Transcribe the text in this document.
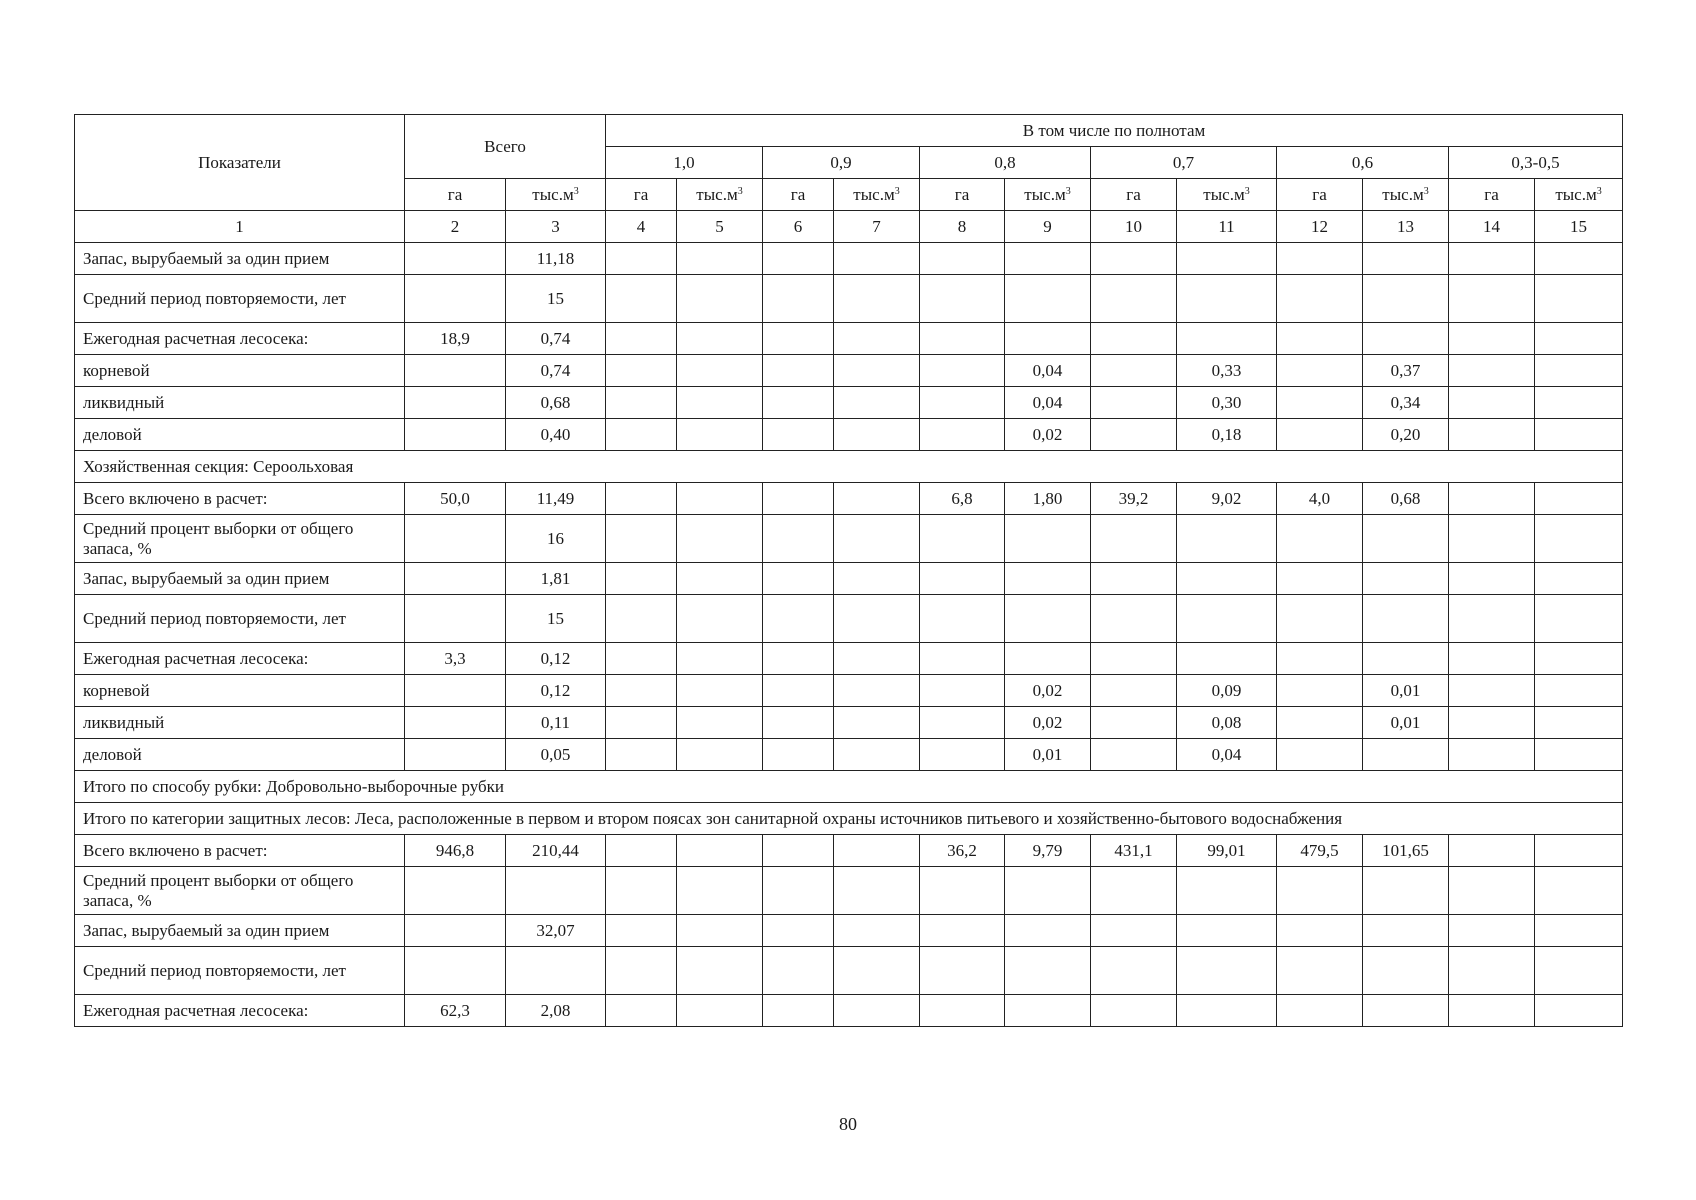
Показатели	Всего		В том числе по полнотам											
			1,0		0,9		0,8		0,7		0,6		0,3-0,5	
	га	$тыс.м^3$	га	$тыс.м^3$	га	$тыс.м^3$	га	$тыс.м^3$	га	$тыс.м^3$	га	$тыс.м^3$	га	$тыс.м^3$
1	2	3	4	5	6	7	8	9	10	11	12	13	14	15
Запас, вырубаемый за один прием		11,18												
Средний период повторяемости, лет		15												
Ежегодная расчетная лесосека:	18,9	0,74												
корневой		0,74						0,04		0,33		0,37		
ликвидный		0,68						0,04		0,30		0,34		
деловой		0,40						0,02		0,18		0,20		
Хозяйственная секция: Сероольховая														
Всего включено в расчет:	50,0	11,49					6,8	1,80	39,2	9,02	4,0	0,68		
Средний процент выборки от общего запаса, %		16												
Запас, вырубаемый за один прием		1,81												
Средний период повторяемости, лет		15												
Ежегодная расчетная лесосека:	3,3	0,12												
корневой		0,12						0,02		0,09		0,01		
ликвидный		0,11						0,02		0,08		0,01		
деловой		0,05						0,01		0,04				
Итого по способу рубки: Добровольно-выборочные рубки														
Итого по категории защитных лесов: Леса, расположенные в первом и втором поясах зон санитарной охраны источников питьевого и хозяйственно-бытового водоснабжения														
Всего включено в расчет:	946,8	210,44					36,2	9,79	431,1	99,01	479,5	101,65		
Средний процент выборки от общего запаса, %														
Запас, вырубаемый за один прием		32,07												
Средний период повторяемости, лет														
Ежегодная расчетная лесосека:	62,3	2,08												
80
